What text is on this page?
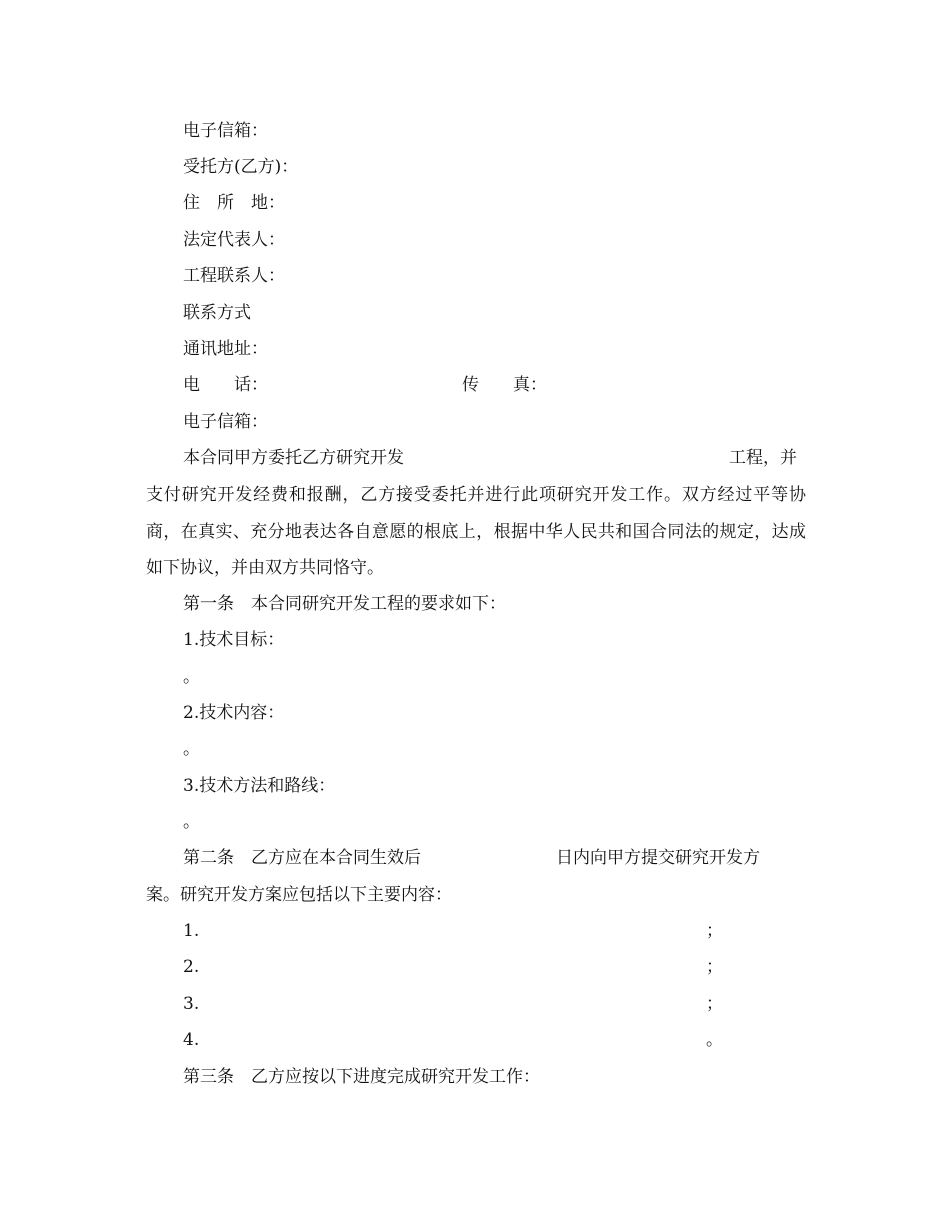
电子信箱：
受托方(乙方)：
住　所　地：
法定代表人：
工程联系人：
联系方式
通讯地址：
电　　话：	传　　真：
电子信箱：
本合同甲方委托乙方研究开发	工程，并
支付研究开发经费和报酬，乙方接受委托并进行此项研究开发工作。双方经过平等协商，在真实、充分地表达各自意愿的根底上，根据中华人民共和国合同法的规定，达成如下协议，并由双方共同恪守。
第一条　本合同研究开发工程的要求如下：
1.技术目标：
。
2.技术内容：
。
3.技术方法和路线：
。
第二条　乙方应在本合同生效后	日内向甲方提交研究开发方
案。研究开发方案应包括以下主要内容：
1.	；
2.	；
3.	；
4.	。
第三条　乙方应按以下进度完成研究开发工作：
